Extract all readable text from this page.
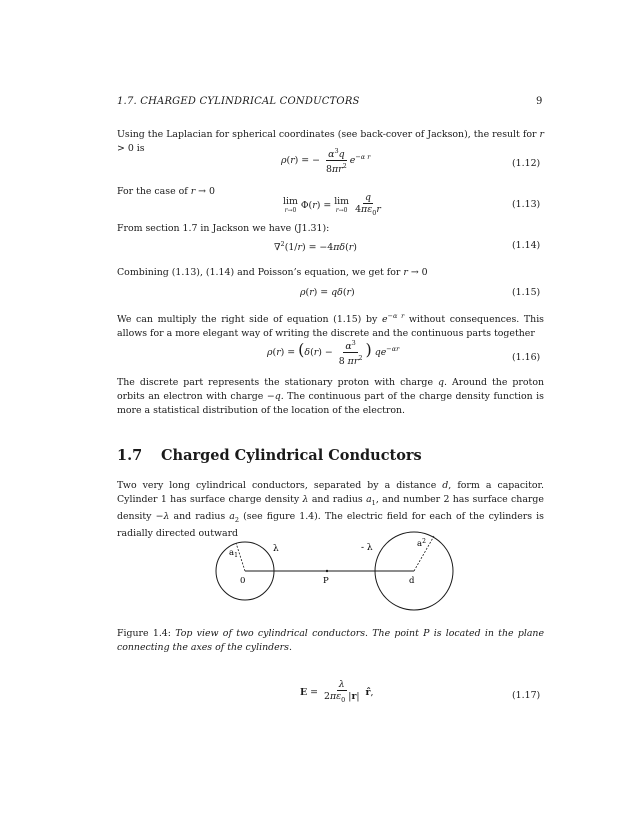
1.7. CHARGED CYLINDRICAL CONDUCTORS	9
Using the Laplacian for spherical coordinates (see back-cover of Jackson), the result for r > 0 is
ρ(r) = − $\frac{\alpha^3q}{8\pi r^2} e^{-\alpha r}$
(1.12)
For the case of r → 0
lim
r→0 Φ(r) = lim
r→0
$\frac{q}{4\pi\varepsilon_0r}$	(1.13)
From section 1.7 in Jackson we have (J1.31):
∇$^2$(1/r) = −4πδ(r)	(1.14)
Combining (1.13), (1.14) and Poisson’s equation, we get for r → 0
ρ(r) = qδ(r)	(1.15)
We can multiply the right side of equation (1.15) by $e^{-\alpha r}$ without consequences. This allows for a more elegant way of writing the discrete and the continuous parts together
$\rho(r) = (\delta(r) - \frac{\alpha^3}{8 \pi r^2}$ ) $qe^{-\alpha r}$
(1.16)
The discrete part represents the stationary proton with charge q. Around the proton orbits an electron with charge −q. The continuous part of the charge density function is more a statistical distribution of the location of the electron.
1.7 Charged Cylindrical Conductors
Two very long cylindrical conductors, separated by a distance d, form a capacitor. Cylinder 1 has surface charge density λ and radius $a_1$, and number 2 has surface charge density −λ and radius $a_2$ (see figure 1.4). The electric field for each of the cylinders is radially directed outward
$a_1$
λ	- λ	$a^2$
0	P	d
Figure 1.4: Top view of two cylindrical conductors. The point P is located in the plane connecting the axes of the cylinders.
$E = \frac{\lambda}{2\pi\varepsilon_0 |r|}$ r̂,	(1.17)
